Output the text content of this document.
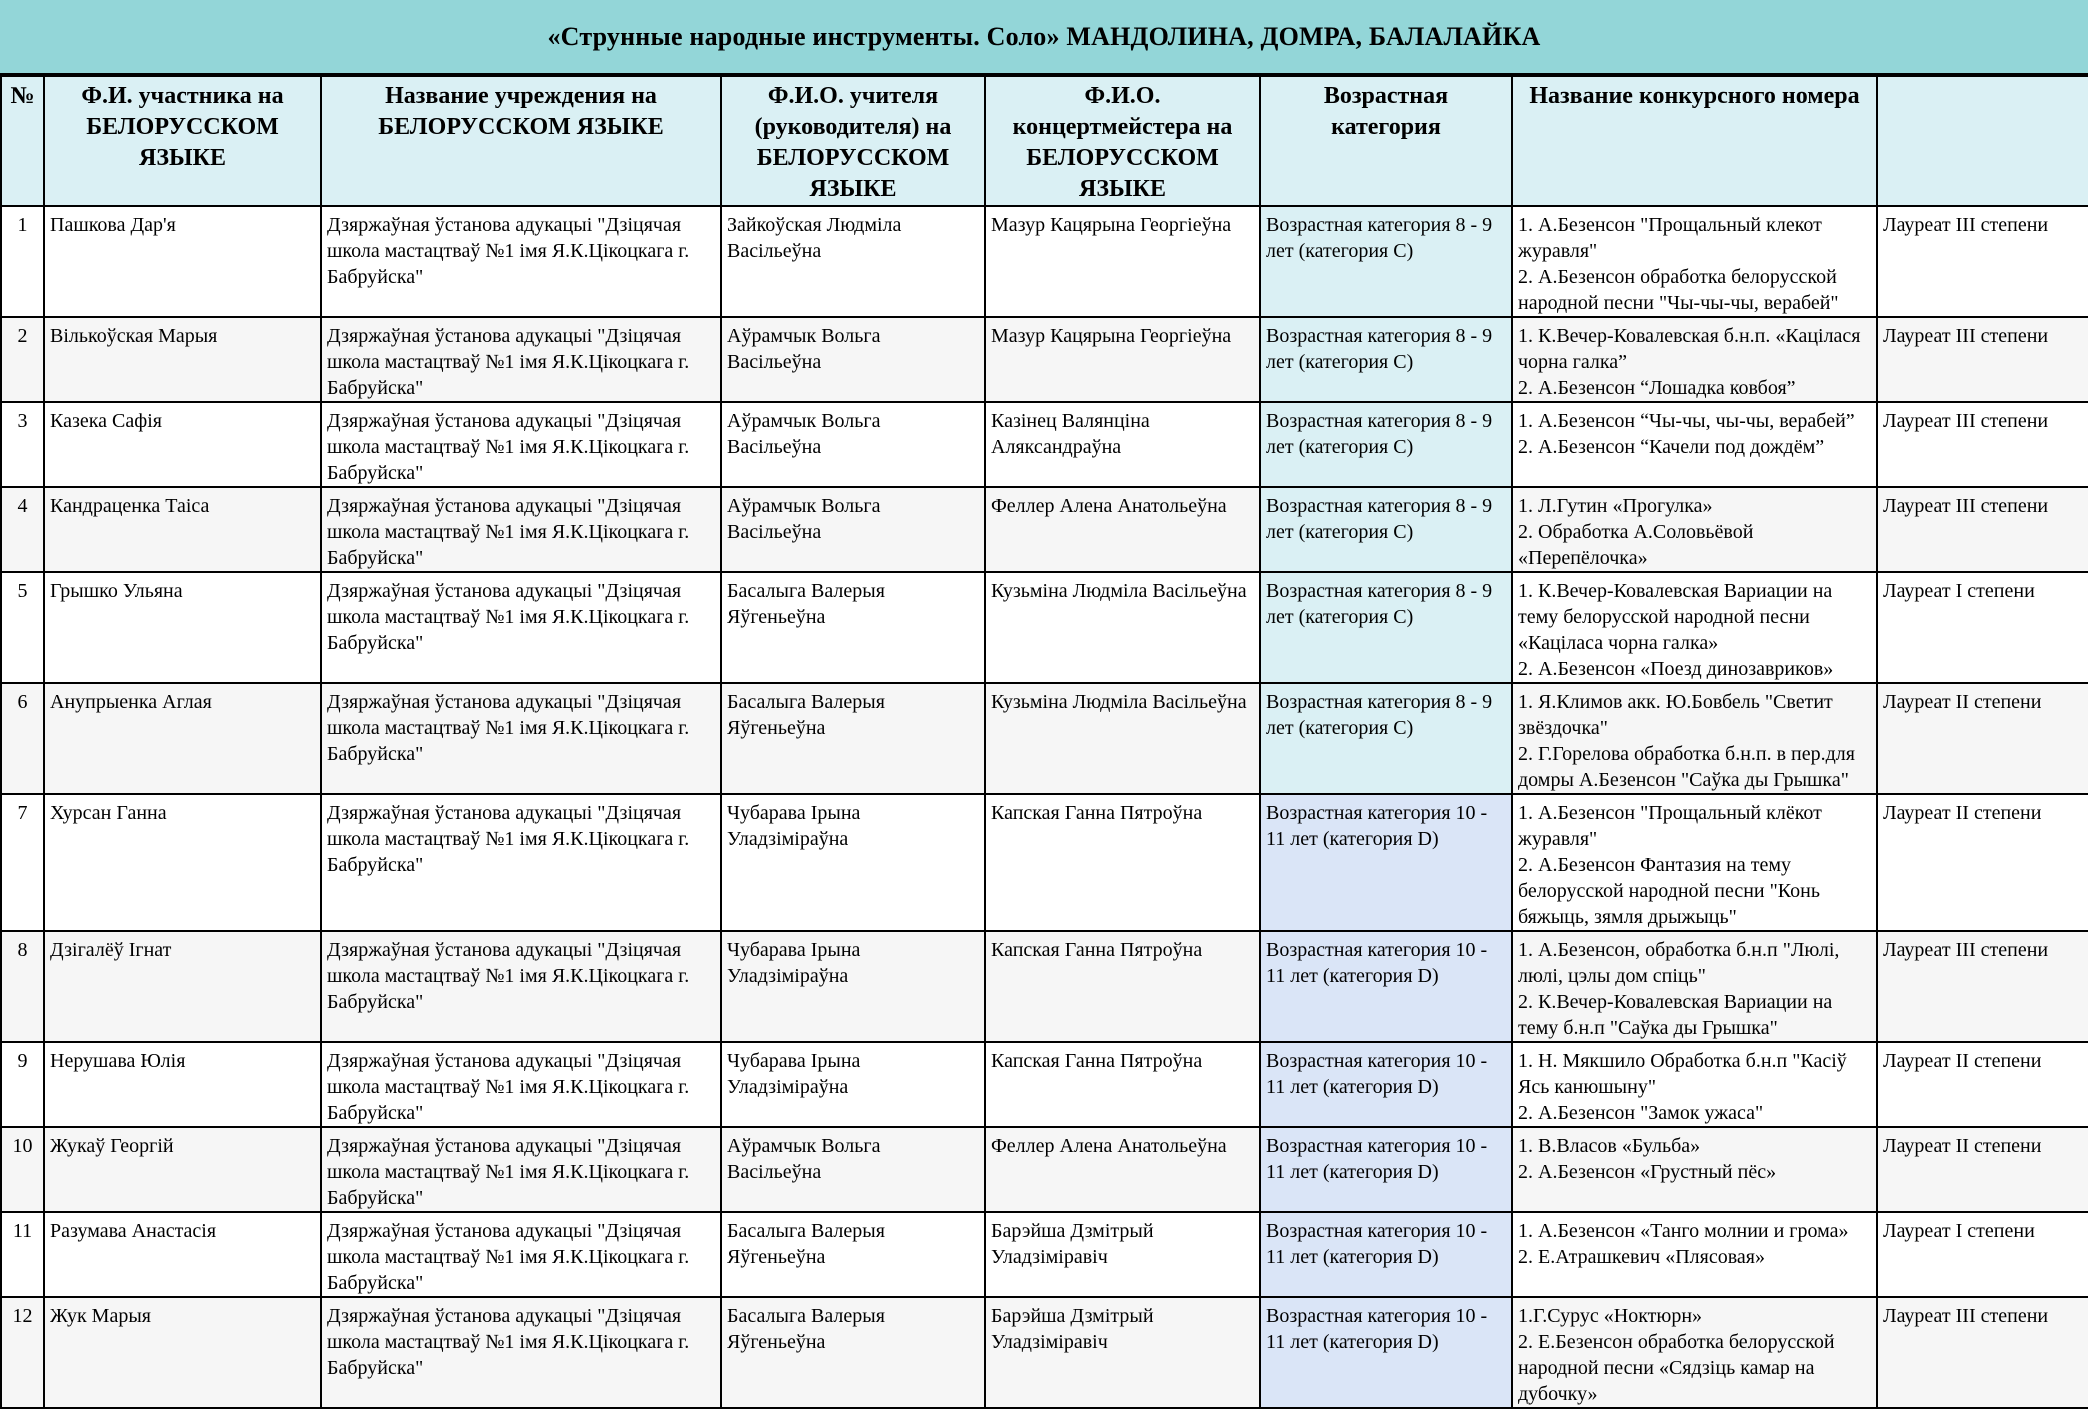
«Струнные народные инструменты. Соло» МАНДОЛИНА, ДОМРА, БАЛАЛАЙКА
№	Ф.И. участника на БЕЛОРУССКОМ ЯЗЫКЕ	Название учреждения на БЕЛОРУССКОМ ЯЗЫКЕ	Ф.И.О. учителя (руководителя) на БЕЛОРУССКОМ ЯЗЫКЕ	Ф.И.О. концертмейстера на БЕЛОРУССКОМ ЯЗЫКЕ	Возрастная категория	Название конкурсного номера	
1	Пашкова Дар'я	Дзяржаўная ўстанова адукацыі "Дзіцячая школа мастацтваў №1 імя Я.К.Цікоцкага г. Бабруйска"	Зайкоўская Людміла Васільеўна	Мазур Кацярына Георгіеўна	Возрастная категория 8 - 9 лет (категория С)	1. А.Безенсон "Прощальный клекот журавля"
2. А.Безенсон обработка белорусской народной песни "Чы-чы-чы, верабей"	Лауреат III степени
2	Вількоўская Марыя	Дзяржаўная ўстанова адукацыі "Дзіцячая школа мастацтваў №1 імя Я.К.Цікоцкага г. Бабруйска"	Аўрамчык Вольга Васільеўна	Мазур Кацярына Георгіеўна	Возрастная категория 8 - 9 лет (категория С)	1. К.Вечер-Ковалевская б.н.п. «Кацілася чорна галка”
2. А.Безенсон “Лошадка ковбоя”	Лауреат III степени
3	Казека Сафія	Дзяржаўная ўстанова адукацыі "Дзіцячая школа мастацтваў №1 імя Я.К.Цікоцкага г. Бабруйска"	Аўрамчык Вольга Васільеўна	Казінец Валянціна Аляксандраўна	Возрастная категория 8 - 9 лет (категория С)	1. А.Безенсон “Чы-чы, чы-чы, верабей”
2. А.Безенсон “Качели под дождём”	Лауреат III степени
4	Кандраценка Таіса	Дзяржаўная ўстанова адукацыі "Дзіцячая школа мастацтваў №1 імя Я.К.Цікоцкага г. Бабруйска"	Аўрамчык Вольга Васільеўна	Феллер Алена Анатольеўна	Возрастная категория 8 - 9 лет (категория С)	1. Л.Гутин «Прогулка»
2. Обработка А.Соловьёвой «Перепёлочка»	Лауреат III степени
5	Грышко Ульяна	Дзяржаўная ўстанова адукацыі "Дзіцячая школа мастацтваў №1 імя Я.К.Цікоцкага г. Бабруйска"	Басалыга Валерыя Яўгеньеўна	Кузьміна Людміла Васільеўна	Возрастная категория 8 - 9 лет (категория С)	1. К.Вечер-Ковалевская Вариации на тему белорусской народной песни «Каціласа чорна галка»
2. А.Безенсон «Поезд динозавриков»	Лауреат I степени
6	Анупрыенка Аглая	Дзяржаўная ўстанова адукацыі "Дзіцячая школа мастацтваў №1 імя Я.К.Цікоцкага г. Бабруйска"	Басалыга Валерыя Яўгеньеўна	Кузьміна Людміла Васільеўна	Возрастная категория 8 - 9 лет (категория С)	1. Я.Климов акк. Ю.Бовбель "Светит звёздочка"
2. Г.Горелова обработка б.н.п. в пер.для домры А.Безенсон "Саўка ды Грышка"	Лауреат II степени
7	Хурсан Ганна	Дзяржаўная ўстанова адукацыі "Дзіцячая школа мастацтваў №1 імя Я.К.Цікоцкага г. Бабруйска"	Чубарава Ірына Уладзіміраўна	Капская Ганна Пятроўна	Возрастная категория 10 - 11 лет (категория D)	1. А.Безенсон "Прощальный клёкот журавля"
2. А.Безенсон Фантазия на тему белорусской народной песни "Конь бяжыць, зямля дрыжыць"	Лауреат II степени
8	Дзігалёў Ігнат	Дзяржаўная ўстанова адукацыі "Дзіцячая школа мастацтваў №1 імя Я.К.Цікоцкага г. Бабруйска"	Чубарава Ірына Уладзіміраўна	Капская Ганна Пятроўна	Возрастная категория 10 - 11 лет (категория D)	1. А.Безенсон, обработка б.н.п "Люлі, люлі, цэлы дом спіць"
2. К.Вечер-Ковалевская Вариации на тему б.н.п "Саўка ды Грышка"	Лауреат III степени
9	Нерушава Юлія	Дзяржаўная ўстанова адукацыі "Дзіцячая школа мастацтваў №1 імя Я.К.Цікоцкага г. Бабруйска"	Чубарава Ірына Уладзіміраўна	Капская Ганна Пятроўна	Возрастная категория 10 - 11 лет (категория D)	1. Н. Мякшило Обработка б.н.п "Касіў Ясь канюшыну"
2. А.Безенсон "Замок ужаса"	Лауреат II степени
10	Жукаў Георгій	Дзяржаўная ўстанова адукацыі "Дзіцячая школа мастацтваў №1 імя Я.К.Цікоцкага г. Бабруйска"	Аўрамчык Вольга Васільеўна	Феллер Алена Анатольеўна	Возрастная категория 10 - 11 лет (категория D)	1. В.Власов «Бульба»
2. А.Безенсон «Грустный пёс»	Лауреат II степени
11	Разумава Анастасія	Дзяржаўная ўстанова адукацыі "Дзіцячая школа мастацтваў №1 імя Я.К.Цікоцкага г. Бабруйска"	Басалыга Валерыя Яўгеньеўна	Барэйша Дзмітрый Уладзіміравіч	Возрастная категория 10 - 11 лет (категория D)	1. А.Безенсон «Танго молнии и грома»
2. Е.Атрашкевич «Плясовая»	Лауреат I степени
12	Жук Марыя	Дзяржаўная ўстанова адукацыі "Дзіцячая школа мастацтваў №1 імя Я.К.Цікоцкага г. Бабруйска"	Басалыга Валерыя Яўгеньеўна	Барэйша Дзмітрый Уладзіміравіч	Возрастная категория 10 - 11 лет (категория D)	1.Г.Сурус «Ноктюрн»
2. Е.Безенсон обработка белорусской народной песни «Сядзіць камар на дубочку»	Лауреат III степени
